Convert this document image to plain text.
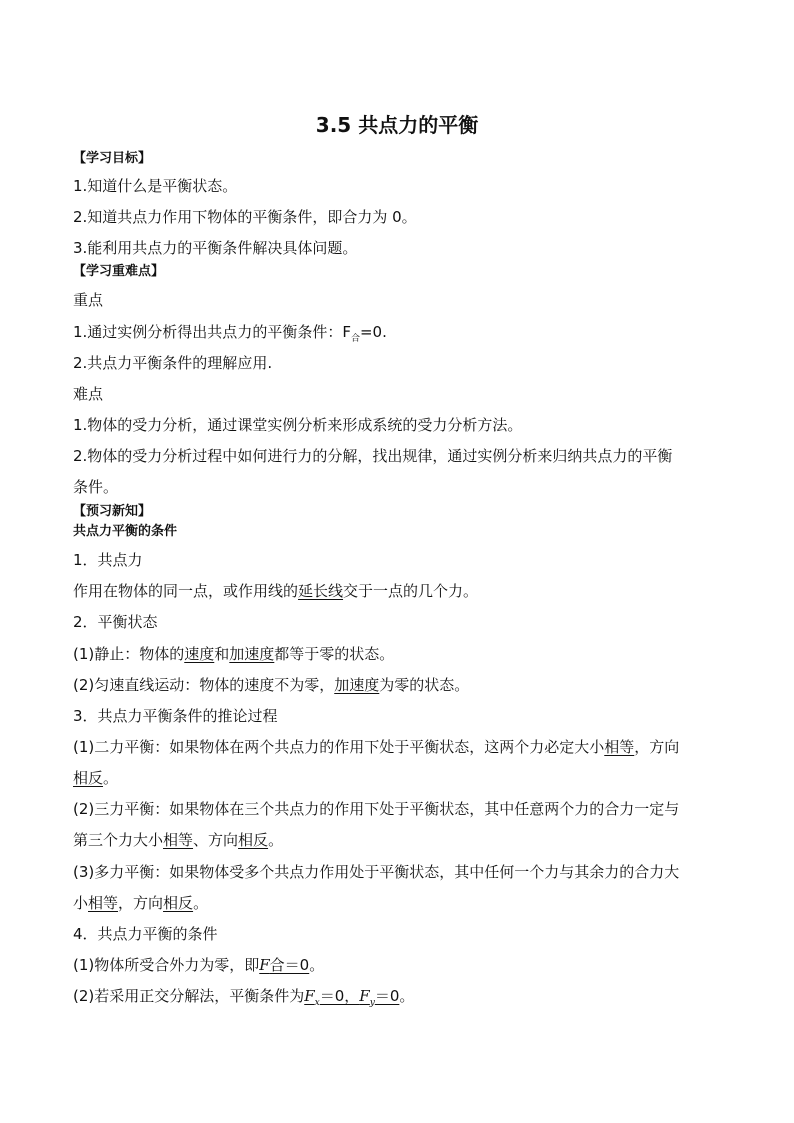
3.5 共点力的平衡
【学习目标】
1.知道什么是平衡状态。
2.知道共点力作用下物体的平衡条件，即合力为 0。
3.能利用共点力的平衡条件解决具体问题。
【学习重难点】
重点
1.通过实例分析得出共点力的平衡条件：$F_合=0$.
2.共点力平衡条件的理解应用.
难点
1.物体的受力分析，通过课堂实例分析来形成系统的受力分析方法。
2.物体的受力分析过程中如何进行力的分解，找出规律，通过实例分析来归纳共点力的平衡
条件。
【预习新知】
共点力平衡的条件
1．共点力
作用在物体的同一点，或作用线的延长线交于一点的几个力。
2．平衡状态
(1)静止：物体的速度和加速度都等于零的状态。
(2)匀速直线运动：物体的速度不为零，加速度为零的状态。
3．共点力平衡条件的推论过程
(1)二力平衡：如果物体在两个共点力的作用下处于平衡状态，这两个力必定大小相等，方向
相反。
(2)三力平衡：如果物体在三个共点力的作用下处于平衡状态，其中任意两个力的合力一定与
第三个力大小相等、方向相反。
(3)多力平衡：如果物体受多个共点力作用处于平衡状态，其中任何一个力与其余力的合力大
小相等，方向相反。
4．共点力平衡的条件
(1)物体所受合外力为零，即F合＝0。
(2)若采用正交分解法，平衡条件为$F_x=0$，$F_y=0$。
